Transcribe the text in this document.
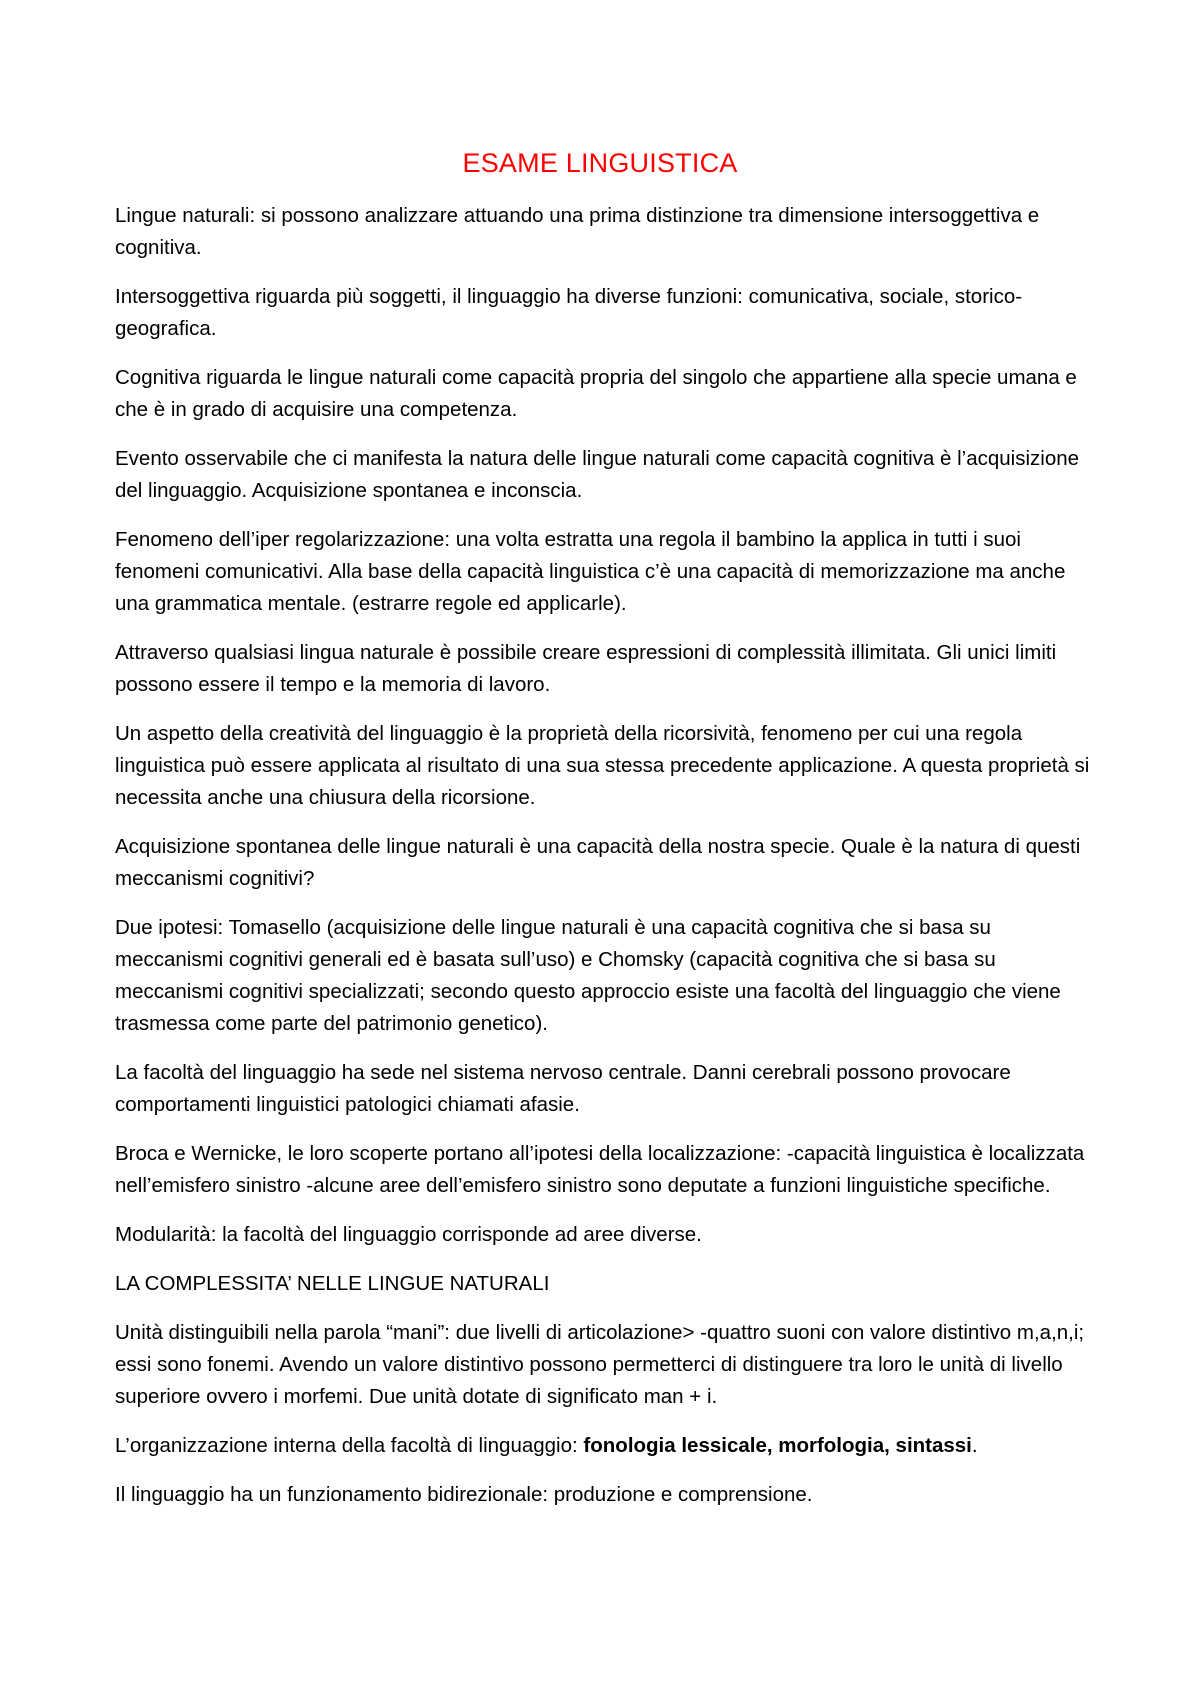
ESAME LINGUISTICA

Lingue naturali: si possono analizzare attuando una prima distinzione tra dimensione intersoggettiva e cognitiva.

Intersoggettiva riguarda più soggetti, il linguaggio ha diverse funzioni: comunicativa, sociale, storico-geografica.

Cognitiva riguarda le lingue naturali come capacità propria del singolo che appartiene alla specie umana e che è in grado di acquisire una competenza.

Evento osservabile che ci manifesta la natura delle lingue naturali come capacità cognitiva è l’acquisizione del linguaggio. Acquisizione spontanea e inconscia.

Fenomeno dell’iper regolarizzazione: una volta estratta una regola il bambino la applica in tutti i suoi fenomeni comunicativi. Alla base della capacità linguistica c’è una capacità di memorizzazione ma anche una grammatica mentale. (estrarre regole ed applicarle).

Attraverso qualsiasi lingua naturale è possibile creare espressioni di complessità illimitata. Gli unici limiti possono essere il tempo e la memoria di lavoro.

Un aspetto della creatività del linguaggio è la proprietà della ricorsività, fenomeno per cui una regola linguistica può essere applicata al risultato di una sua stessa precedente applicazione. A questa proprietà si necessita anche una chiusura della ricorsione.

Acquisizione spontanea delle lingue naturali è una capacità della nostra specie. Quale è la natura di questi meccanismi cognitivi?

Due ipotesi: Tomasello (acquisizione delle lingue naturali è una capacità cognitiva che si basa su meccanismi cognitivi generali ed è basata sull’uso) e Chomsky (capacità cognitiva che si basa su meccanismi cognitivi specializzati; secondo questo approccio esiste una facoltà del linguaggio che viene trasmessa come parte del patrimonio genetico).

La facoltà del linguaggio ha sede nel sistema nervoso centrale. Danni cerebrali possono provocare comportamenti linguistici patologici chiamati afasie.

Broca e Wernicke, le loro scoperte portano all’ipotesi della localizzazione: -capacità linguistica è localizzata nell’emisfero sinistro -alcune aree dell’emisfero sinistro sono deputate a funzioni linguistiche specifiche.

Modularità: la facoltà del linguaggio corrisponde ad aree diverse.

LA COMPLESSITA’ NELLE LINGUE NATURALI

Unità distinguibili nella parola “mani”: due livelli di articolazione> -quattro suoni con valore distintivo m,a,n,i; essi sono fonemi. Avendo un valore distintivo possono permetterci di distinguere tra loro le unità di livello superiore ovvero i morfemi. Due unità dotate di significato man + i.

L’organizzazione interna della facoltà di linguaggio: fonologia lessicale, morfologia, sintassi.

Il linguaggio ha un funzionamento bidirezionale: produzione e comprensione.
